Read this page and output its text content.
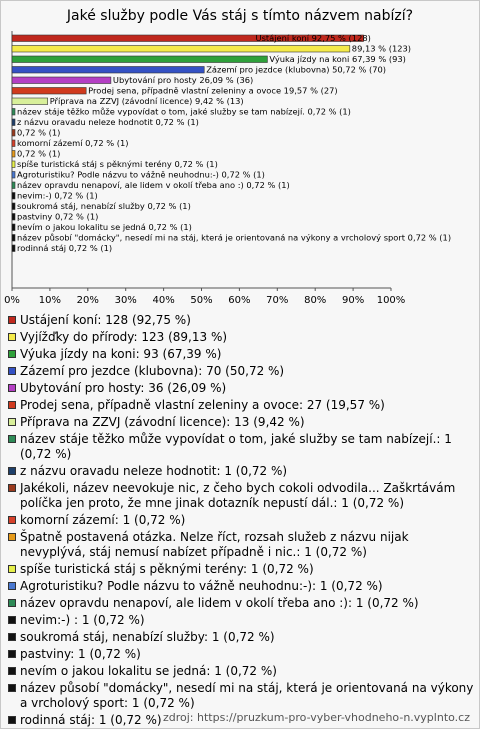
Jaké služby podle Vás stáj s tímto názvem nabízí?
0% 10% 20% 30% 40% 50% 60% 70% 80% 90% 100%
Ustájení koní 92,75 % (128)
89,13 % (123)
Výuka jízdy na koni 67,39 % (93)
Zázemí pro jezdce (klubovna) 50,72 % (70)
Ubytování pro hosty 26,09 % (36)
Prodej sena, případně vlastní zeleniny a ovoce 19,57 % (27)
Příprava na ZZVJ (závodní licence) 9,42 % (13)
název stáje těžko může vypovídat o tom, jaké služby se tam nabízejí. 0,72 % (1)
z názvu oravadu neleze hodnotit 0,72 % (1)
0,72 % (1)
komorní zázemí 0,72 % (1)
0,72 % (1)
spíše turistická stáj s pěknými terény 0,72 % (1)
Agroturistiku? Podle názvu to vážně neuhodnu:-) 0,72 % (1)
název opravdu nenapoví, ale lidem v okolí třeba ano :) 0,72 % (1)
nevim:-) 0,72 % (1)
soukromá stáj, nenabízí služby 0,72 % (1)
pastviny 0,72 % (1)
nevím o jakou lokalitu se jedná 0,72 % (1)
název působí "domácky", nesedí mi na stáj, která je orientovaná na výkony a vrcholový sport 0,72 % (1)
rodinná stáj 0,72 % (1)
Ustájení koní: 128 (92,75 %)
Vyjížďky do přírody: 123 (89,13 %)
Výuka jízdy na koni: 93 (67,39 %)
Zázemí pro jezdce (klubovna): 70 (50,72 %)
Ubytování pro hosty: 36 (26,09 %)
Prodej sena, případně vlastní zeleniny a ovoce: 27 (19,57 %)
Příprava na ZZVJ (závodní licence): 13 (9,42 %)
název stáje těžko může vypovídat o tom, jaké služby se tam nabízejí.: 1 (0,72 %)
z názvu oravadu neleze hodnotit: 1 (0,72 %)
Jakékoli, název neevokuje nic, z čeho bych cokoli odvodila... Zaškrtávám políčka jen proto, že mne jinak dotazník nepustí dál.: 1 (0,72 %)
komorní zázemí: 1 (0,72 %)
Špatně postavená otázka. Nelze říct, rozsah služeb z názvu nijak nevyplývá, stáj nemusí nabízet případně i nic.: 1 (0,72 %)
spíše turistická stáj s pěknými terény: 1 (0,72 %)
Agroturistiku? Podle názvu to vážně neuhodnu:-): 1 (0,72 %)
název opravdu nenapoví, ale lidem v okolí třeba ano :): 1 (0,72 %)
nevim:-) : 1 (0,72 %)
soukromá stáj, nenabízí služby: 1 (0,72 %)
pastviny: 1 (0,72 %)
nevím o jakou lokalitu se jedná: 1 (0,72 %)
název působí "domácky", nesedí mi na stáj, která je orientovaná na výkony a vrcholový sport: 1 (0,72 %)
rodinná stáj: 1 (0,72 %) zdroj: https://pruzkum-pro-vyber-vhodneho-n.vyplnto.cz
